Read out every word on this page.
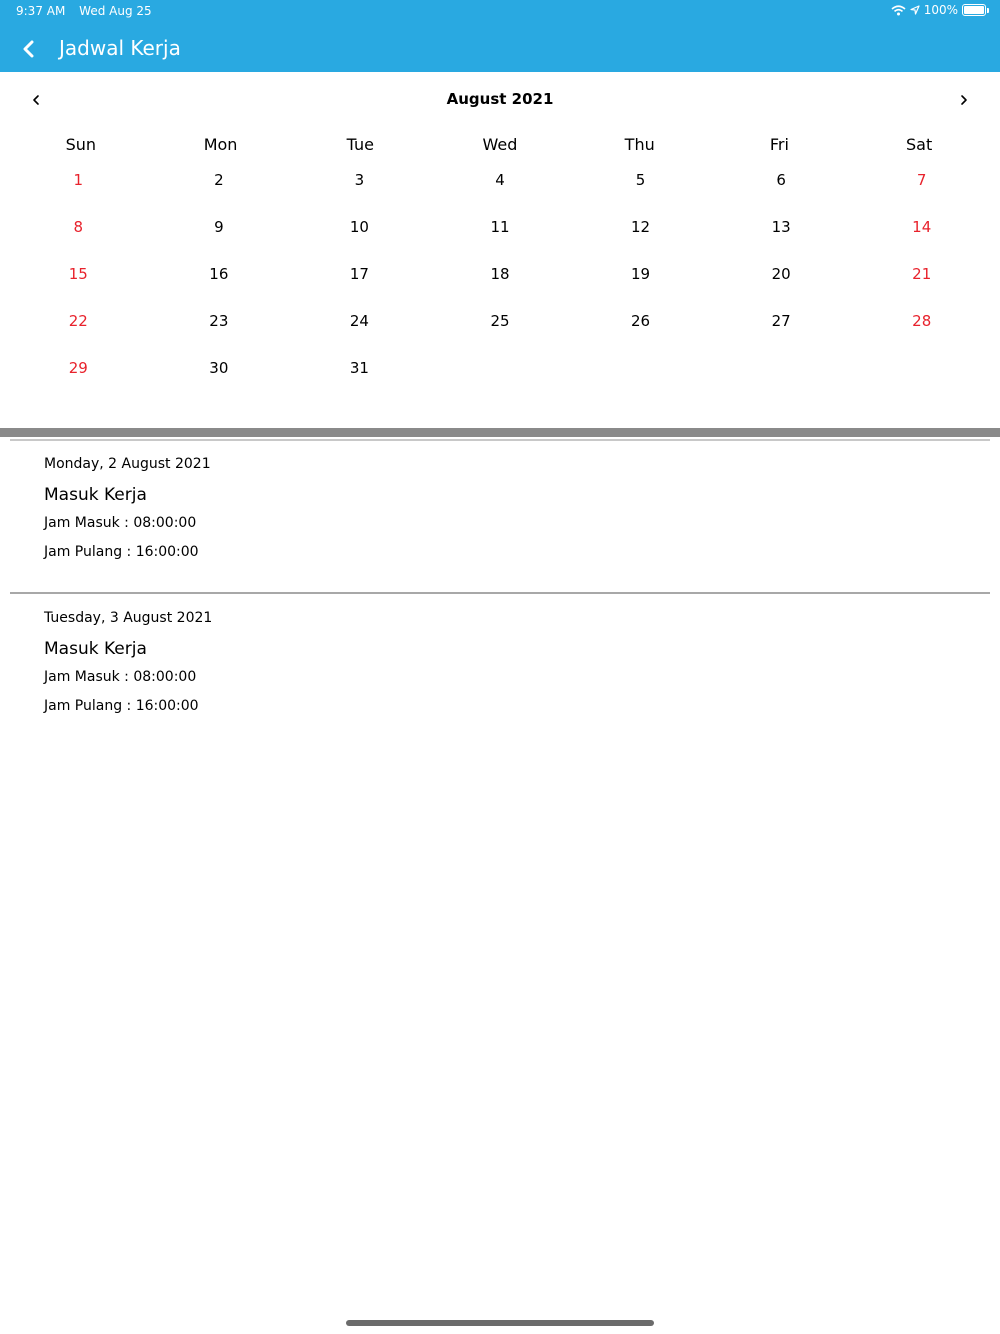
9:37 AM Wed Aug 25	100%
Jadwal Kerja
August 2021
Sun	Mon	Tue	Wed	Thu	Fri	Sat
1	2	3	4	5	6	7
8	9	10	11	12	13	14
15	16	17	18	19	20	21
22	23	24	25	26	27	28
29	30	31
Monday, 2 August 2021
Masuk Kerja
Jam Masuk : 08:00:00
Jam Pulang : 16:00:00
Tuesday, 3 August 2021
Masuk Kerja
Jam Masuk : 08:00:00
Jam Pulang : 16:00:00
